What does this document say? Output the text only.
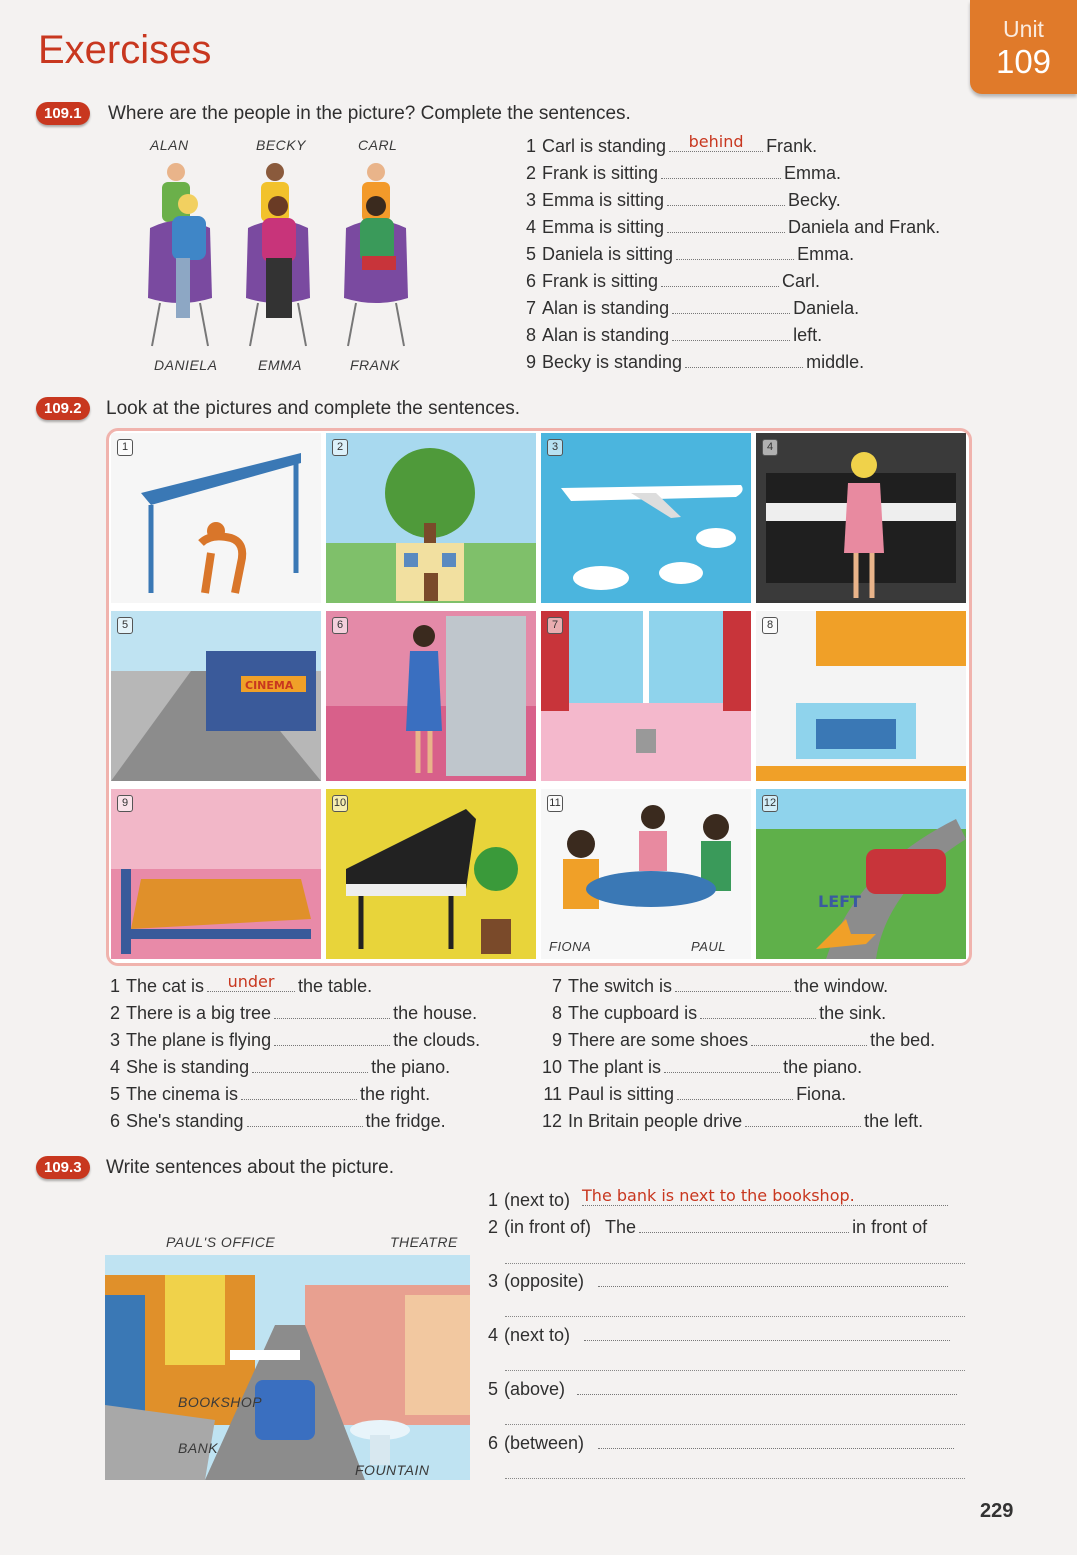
Exercises	Unit
109
109.1	Where are the people in the picture? Complete the sentences.
ALAN	BECKY	CARL
DANIELA	EMMA	FRANK
1 Carl is standing	behind	Frank.
2 Frank is sitting	Emma.
3 Emma is sitting	Becky.
4 Emma is sitting	Daniela and Frank.
5 Daniela is sitting	Emma.
6 Frank is sitting	Carl.
7 Alan is standing	Daniela.
8 Alan is standing	left.
9 Becky is standing	middle.
109.2	Look at the pictures and complete the sentences.
1	2	3	4
CINEMA
5	6	7	8
9	10
FIONA	PAUL
11
LEFT
12
1 The cat is	under	the table.
2 There is a big tree	the house.
3 The plane is flying	the clouds.
4 She is standing	the piano.
5 The cinema is	the right.
6 She's standing	the fridge.
7 The switch is	the window.
8 The cupboard is	the sink.
9 There are some shoes	the bed.
10 The plant is	the piano.
11 Paul is sitting	Fiona.
12 In Britain people drive	the left.
109.3	Write sentences about the picture.
PAUL'S OFFICE	THEATRE
BOOKSHOP
BANK
FOUNTAIN
1 (next to) The bank is next to the bookshop.
2 (in front of) The	in front of
3 (opposite)
4 (next to)
5 (above)
6 (between)
229
